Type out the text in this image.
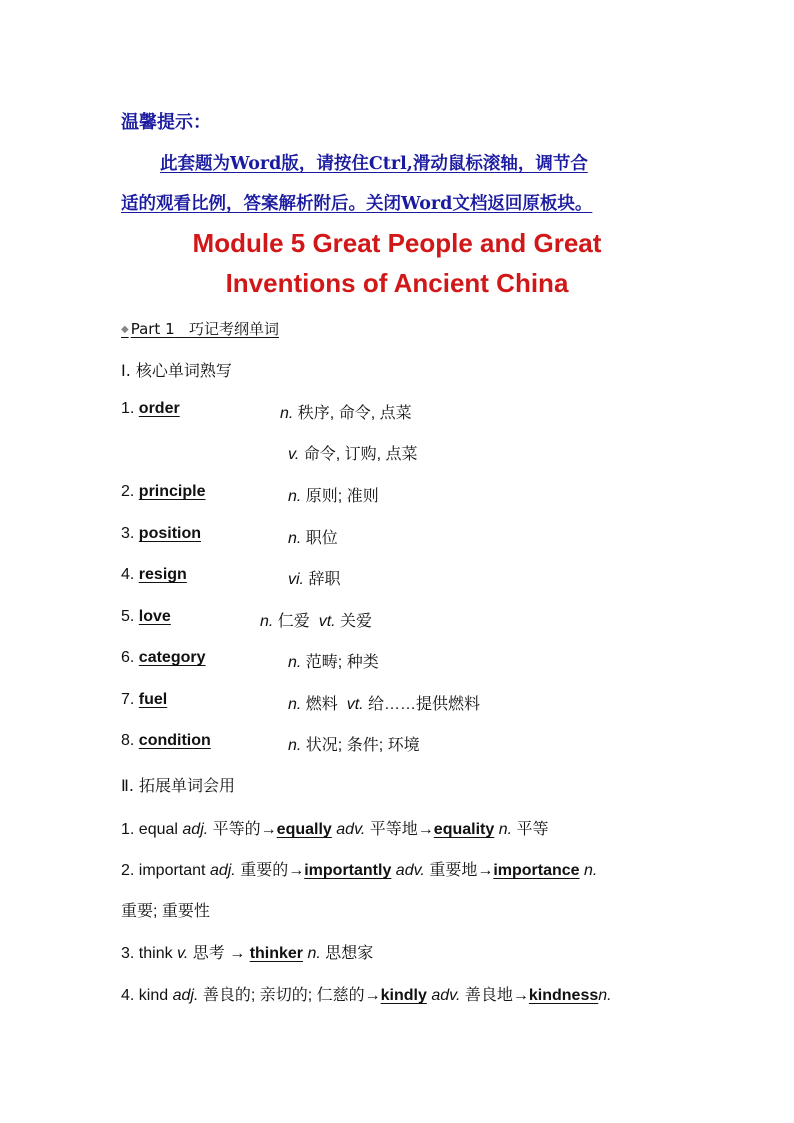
温馨提示：
此套题为Word版，请按住Ctrl,滑动鼠标滚轴，调节合
适的观看比例，答案解析附后。关闭Word文档返回原板块。
Module 5 Great People and Great
Inventions of Ancient China
◆ Part 1 巧记考纲单词
Ⅰ. 核心单词熟写
1. order	n. 秩序, 命令, 点菜
v. 命令, 订购, 点菜
2. principle	n. 原则; 准则
3. position	n. 职位
4. resign	vi. 辞职
5. love	n. 仁爱 vt. 关爱
6. category	n. 范畴; 种类
7. fuel	n. 燃料 vt. 给……提供燃料
8. condition	n. 状况; 条件; 环境
Ⅱ. 拓展单词会用
1. equal adj. 平等的→equally adv. 平等地→equality n. 平等
2. important adj. 重要的→importantly adv. 重要地→importance n.
重要; 重要性
3. think v. 思考 → thinker n. 思想家
4. kind adj. 善良的; 亲切的; 仁慈的→kindly adv. 善良地→kindnessn.
